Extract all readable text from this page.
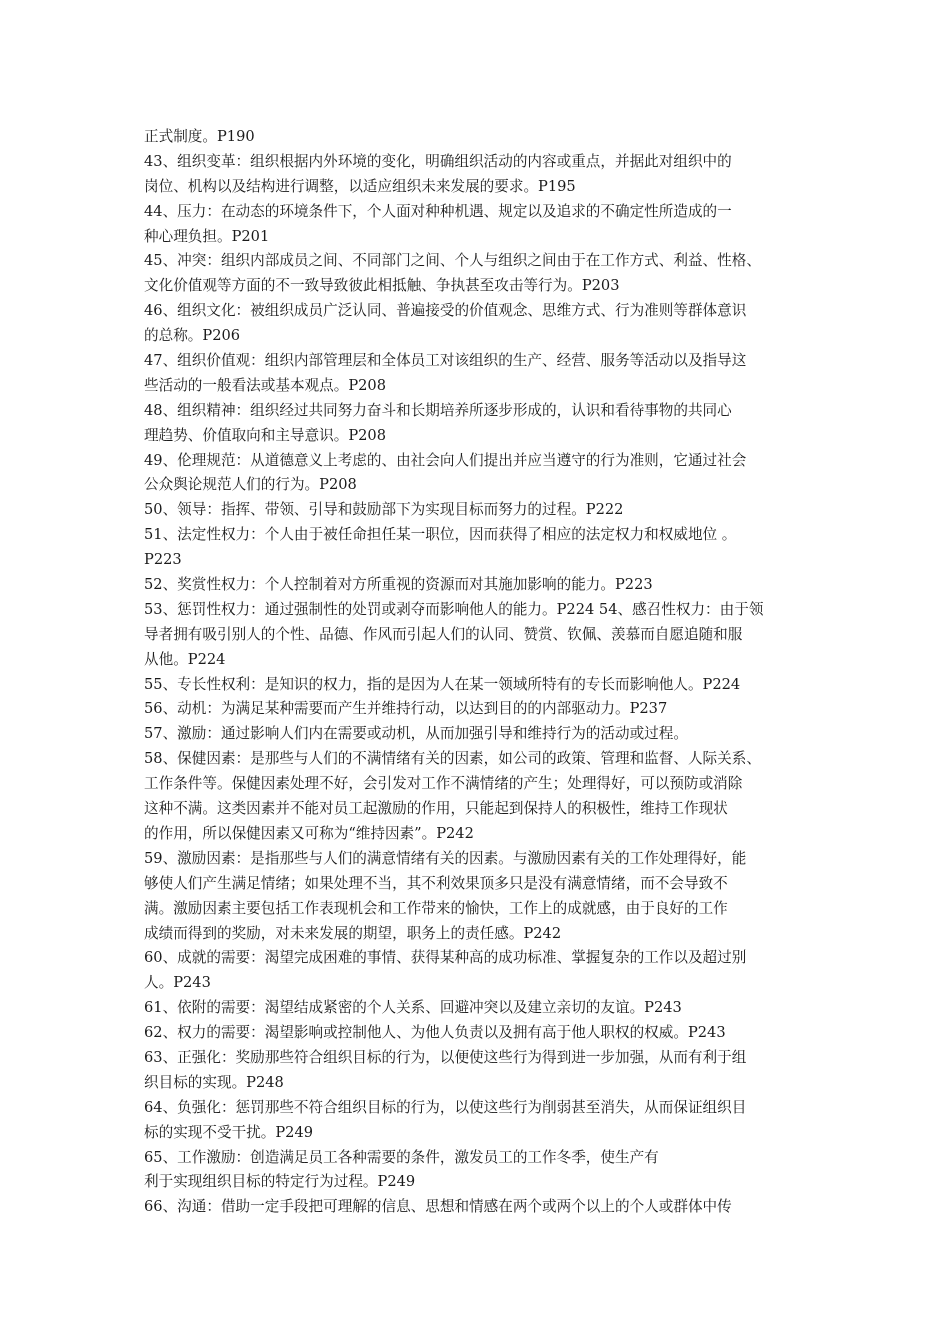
正式制度。P190
43、组织变革：组织根据内外环境的变化，明确组织活动的内容或重点，并据此对组织中的
岗位、机构以及结构进行调整，以适应组织未来发展的要求。P195
44、压力：在动态的环境条件下，个人面对种种机遇、规定以及追求的不确定性所造成的一
种心理负担。P201
45、冲突：组织内部成员之间、不同部门之间、个人与组织之间由于在工作方式、利益、性格、
文化价值观等方面的不一致导致彼此相抵触、争执甚至攻击等行为。P203
46、组织文化：被组织成员广泛认同、普遍接受的价值观念、思维方式、行为准则等群体意识
的总称。P206
47、组织价值观：组织内部管理层和全体员工对该组织的生产、经营、服务等活动以及指导这
些活动的一般看法或基本观点。P208
48、组织精神：组织经过共同努力奋斗和长期培养所逐步形成的，认识和看待事物的共同心
理趋势、价值取向和主导意识。P208
49、伦理规范：从道德意义上考虑的、由社会向人们提出并应当遵守的行为准则，它通过社会
公众舆论规范人们的行为。P208
50、领导：指挥、带领、引导和鼓励部下为实现目标而努力的过程。P222
51、法定性权力：个人由于被任命担任某一职位，因而获得了相应的法定权力和权威地位 。
P223
52、奖赏性权力：个人控制着对方所重视的资源而对其施加影响的能力。P223
53、惩罚性权力：通过强制性的处罚或剥夺而影响他人的能力。P224 54、感召性权力：由于领
导者拥有吸引别人的个性、品德、作风而引起人们的认同、赞赏、钦佩、羡慕而自愿追随和服
从他。P224
55、专长性权利：是知识的权力，指的是因为人在某一领域所特有的专长而影响他人。P224
56、动机：为满足某种需要而产生并维持行动，以达到目的的内部驱动力。P237
57、激励：通过影响人们内在需要或动机，从而加强引导和维持行为的活动或过程。
58、保健因素：是那些与人们的不满情绪有关的因素，如公司的政策、管理和监督、人际关系、
工作条件等。保健因素处理不好，会引发对工作不满情绪的产生；处理得好，可以预防或消除
这种不满。这类因素并不能对员工起激励的作用，只能起到保持人的积极性，维持工作现状
的作用，所以保健因素又可称为“维持因素”。P242
59、激励因素：是指那些与人们的满意情绪有关的因素。与激励因素有关的工作处理得好，能
够使人们产生满足情绪；如果处理不当，其不利效果顶多只是没有满意情绪，而不会导致不
满。激励因素主要包括工作表现机会和工作带来的愉快，工作上的成就感，由于良好的工作
成绩而得到的奖励，对未来发展的期望，职务上的责任感。P242
60、成就的需要：渴望完成困难的事情、获得某种高的成功标准、掌握复杂的工作以及超过别
人。P243
61、依附的需要：渴望结成紧密的个人关系、回避冲突以及建立亲切的友谊。P243
62、权力的需要：渴望影响或控制他人、为他人负责以及拥有高于他人职权的权威。P243
63、正强化：奖励那些符合组织目标的行为，以便使这些行为得到进一步加强，从而有利于组
织目标的实现。P248
64、负强化：惩罚那些不符合组织目标的行为，以使这些行为削弱甚至消失，从而保证组织目
标的实现不受干扰。P249
65、工作激励：创造满足员工各种需要的条件，激发员工的工作冬季，使生产有
利于实现组织目标的特定行为过程。P249
66、沟通：借助一定手段把可理解的信息、思想和情感在两个或两个以上的个人或群体中传
